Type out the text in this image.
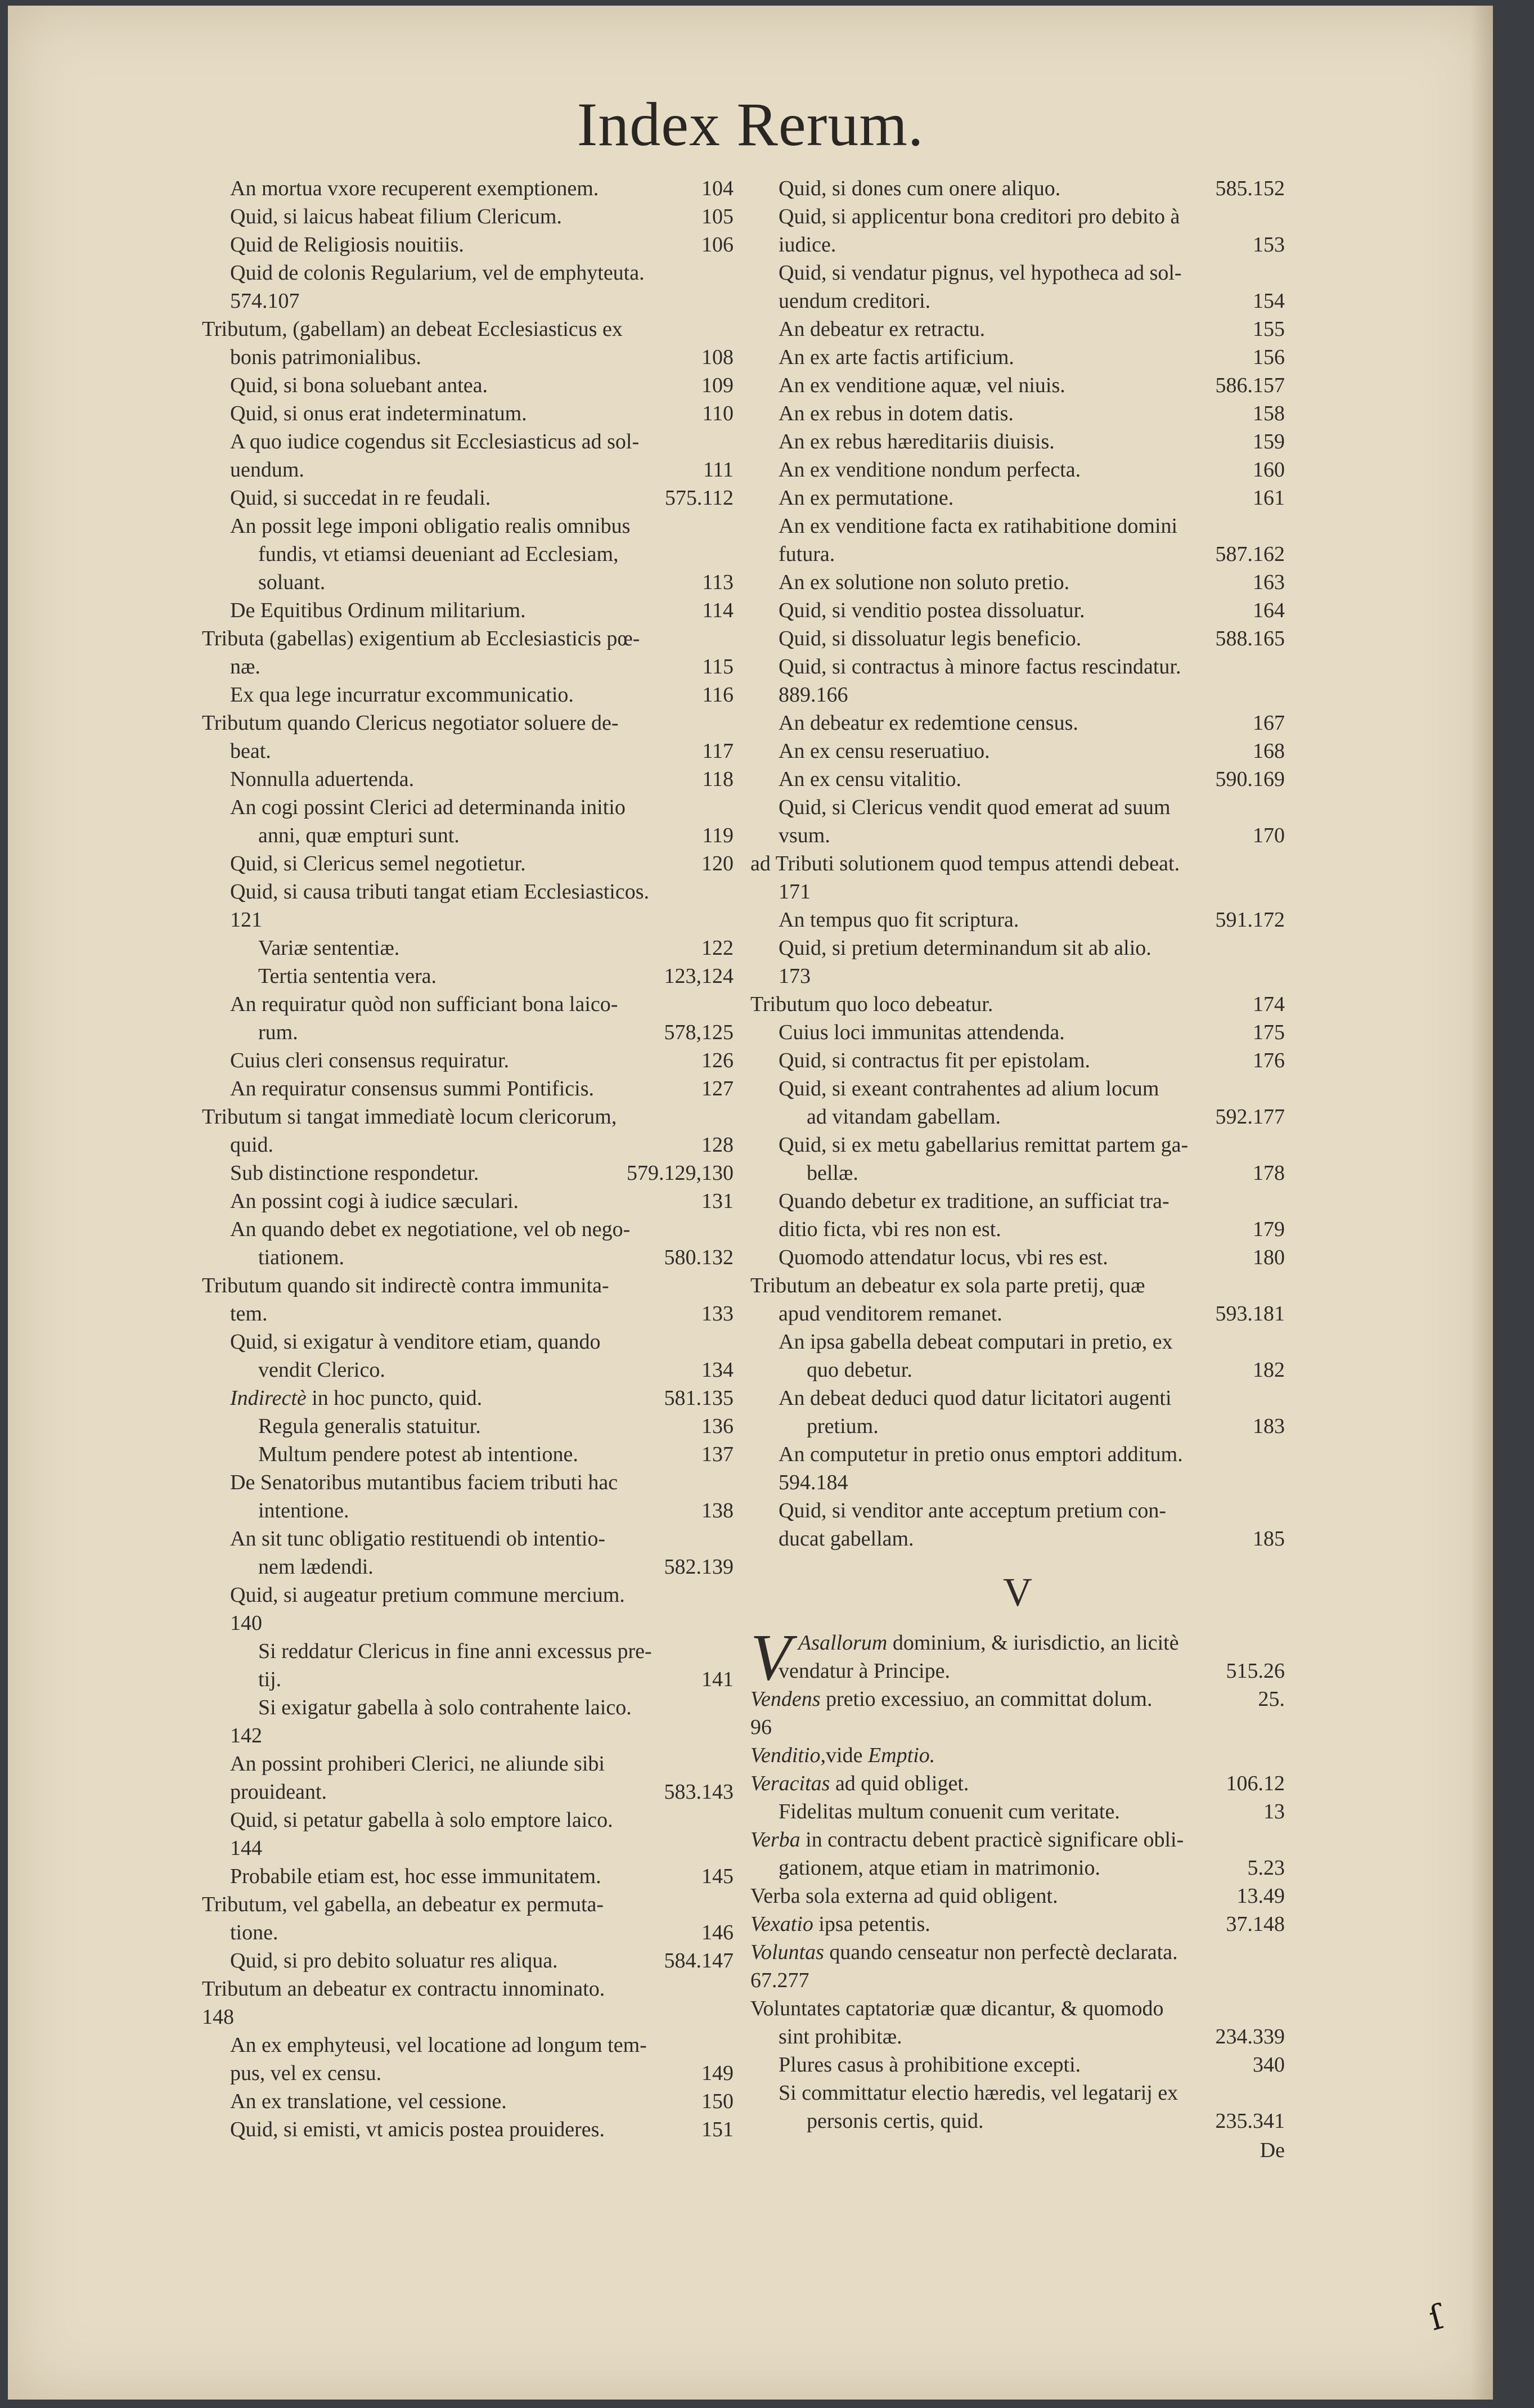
Index Rerum.
An mortua vxore recuperent exemptionem.	104
Quid, si laicus habeat filium Clericum.	105
Quid de Religiosis nouitiis.	106
Quid de colonis Regularium, vel de emphyteuta.
574.107
Tributum, (gabellam) an debeat Ecclesiasticus ex
bonis patrimonialibus.	108
Quid, si bona soluebant antea.	109
Quid, si onus erat indeterminatum.	110
A quo iudice cogendus sit Ecclesiasticus ad sol-
uendum.	111
Quid, si succedat in re feudali.	575.112
An possit lege imponi obligatio realis omnibus
fundis, vt etiamsi deueniant ad Ecclesiam,
soluant.	113
De Equitibus Ordinum militarium.	114
Tributa (gabellas) exigentium ab Ecclesiasticis pœ-
næ.	115
Ex qua lege incurratur excommunicatio.	116
Tributum quando Clericus negotiator soluere de-
beat.	117
Nonnulla aduertenda.	118
An cogi possint Clerici ad determinanda initio
anni, quæ empturi sunt.	119
Quid, si Clericus semel negotietur.	120
Quid, si causa tributi tangat etiam Ecclesiasticos.
121
Variæ sententiæ.	122
Tertia sententia vera.	123,124
An requiratur quòd non sufficiant bona laico-
rum.	578,125
Cuius cleri consensus requiratur.	126
An requiratur consensus summi Pontificis.	127
Tributum si tangat immediatè locum clericorum,
quid.	128
Sub distinctione respondetur.	579.129,130
An possint cogi à iudice sæculari.	131
An quando debet ex negotiatione, vel ob nego-
tiationem.	580.132
Tributum quando sit indirectè contra immunita-
tem.	133
Quid, si exigatur à venditore etiam, quando
vendit Clerico.	134
Indirectè in hoc puncto, quid.	581.135
Regula generalis statuitur.	136
Multum pendere potest ab intentione.	137
De Senatoribus mutantibus faciem tributi hac
intentione.	138
An sit tunc obligatio restituendi ob intentio-
nem lædendi.	582.139
Quid, si augeatur pretium commune mercium.
140
Si reddatur Clericus in fine anni excessus pre-
tij.	141
Si exigatur gabella à solo contrahente laico.
142
An possint prohiberi Clerici, ne aliunde sibi
prouideant.	583.143
Quid, si petatur gabella à solo emptore laico.
144
Probabile etiam est, hoc esse immunitatem.	145
Tributum, vel gabella, an debeatur ex permuta-
tione.	146
Quid, si pro debito soluatur res aliqua.	584.147
Tributum an debeatur ex contractu innominato.
148
An ex emphyteusi, vel locatione ad longum tem-
pus, vel ex censu.	149
An ex translatione, vel cessione.	150
Quid, si emisti, vt amicis postea prouideres.	151
Quid, si dones cum onere aliquo.	585.152
Quid, si applicentur bona creditori pro debito à
iudice.	153
Quid, si vendatur pignus, vel hypotheca ad sol-
uendum creditori.	154
An debeatur ex retractu.	155
An ex arte factis artificium.	156
An ex venditione aquæ, vel niuis.	586.157
An ex rebus in dotem datis.	158
An ex rebus hæreditariis diuisis.	159
An ex venditione nondum perfecta.	160
An ex permutatione.	161
An ex venditione facta ex ratihabitione domini
futura.	587.162
An ex solutione non soluto pretio.	163
Quid, si venditio postea dissoluatur.	164
Quid, si dissoluatur legis beneficio.	588.165
Quid, si contractus à minore factus rescindatur.
889.166
An debeatur ex redemtione census.	167
An ex censu reseruatiuo.	168
An ex censu vitalitio.	590.169
Quid, si Clericus vendit quod emerat ad suum
vsum.	170
ad Tributi solutionem quod tempus attendi debeat.
171
An tempus quo fit scriptura.	591.172
Quid, si pretium determinandum sit ab alio.
173
Tributum quo loco debeatur.	174
Cuius loci immunitas attendenda.	175
Quid, si contractus fit per epistolam.	176
Quid, si exeant contrahentes ad alium locum
ad vitandam gabellam.	592.177
Quid, si ex metu gabellarius remittat partem ga-
bellæ.	178
Quando debetur ex traditione, an sufficiat tra-
ditio ficta, vbi res non est.	179
Quomodo attendatur locus, vbi res est.	180
Tributum an debeatur ex sola parte pretij, quæ
apud venditorem remanet.	593.181
An ipsa gabella debeat computari in pretio, ex
quo debetur.	182
An debeat deduci quod datur licitatori augenti
pretium.	183
An computetur in pretio onus emptori additum.
594.184
Quid, si venditor ante acceptum pretium con-
ducat gabellam.	185
V
V Asallorum dominium, & iurisdictio, an licitè
vendatur à Principe.	515.26
Vendens pretio excessiuo, an committat dolum.	25.
96
Venditio,vide Emptio.
Veracitas ad quid obliget.	106.12
Fidelitas multum conuenit cum veritate.	13
Verba in contractu debent practicè significare obli-
gationem, atque etiam in matrimonio.	5.23
Verba sola externa ad quid obligent.	13.49
Vexatio ipsa petentis.	37.148
Voluntas quando censeatur non perfectè declarata.
67.277
Voluntates captatoriæ quæ dicantur, & quomodo
sint prohibitæ.	234.339
Plures casus à prohibitione excepti.	340
Si committatur electio hæredis, vel legatarij ex
personis certis, quid.	235.341
De
ſ
